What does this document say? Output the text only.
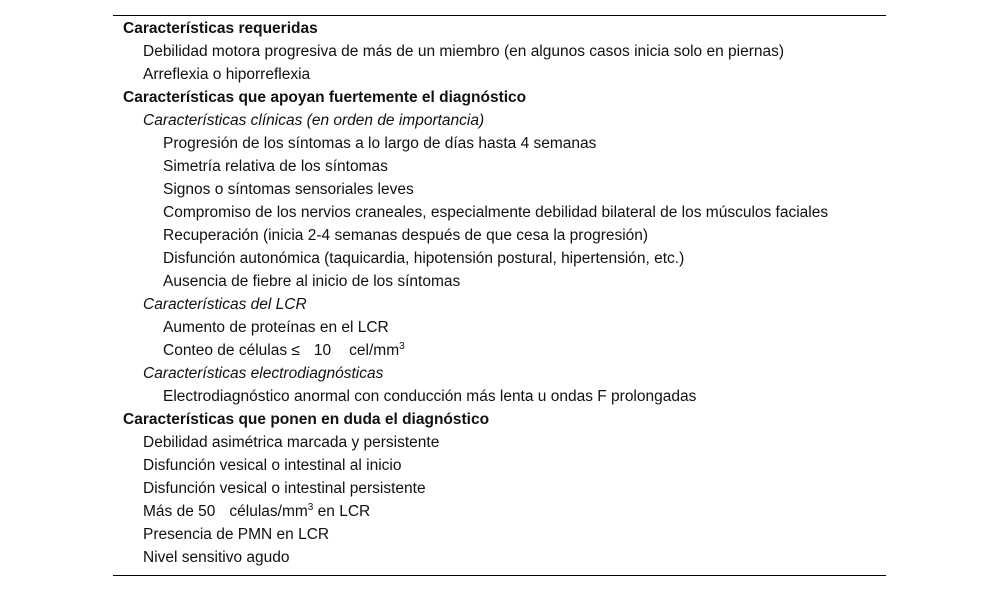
Características requeridas
Debilidad motora progresiva de más de un miembro (en algunos casos inicia solo en piernas)
Arreflexia o hiporreflexia
Características que apoyan fuertemente el diagnóstico
Características clínicas (en orden de importancia)
Progresión de los síntomas a lo largo de días hasta 4 semanas
Simetría relativa de los síntomas
Signos o síntomas sensoriales leves
Compromiso de los nervios craneales, especialmente debilidad bilateral de los músculos faciales
Recuperación (inicia 2-4 semanas después de que cesa la progresión)
Disfunción autonómica (taquicardia, hipotensión postural, hipertensión, etc.)
Ausencia de fiebre al inicio de los síntomas
Características del LCR
Aumento de proteínas en el LCR
Conteo de células ≤ 10 cel/$mm^3$
Características electrodiagnósticas
Electrodiagnóstico anormal con conducción más lenta u ondas F prolongadas
Características que ponen en duda el diagnóstico
Debilidad asimétrica marcada y persistente
Disfunción vesical o intestinal al inicio
Disfunción vesical o intestinal persistente
Más de 50 células/$mm^3$ en LCR
Presencia de PMN en LCR
Nivel sensitivo agudo
